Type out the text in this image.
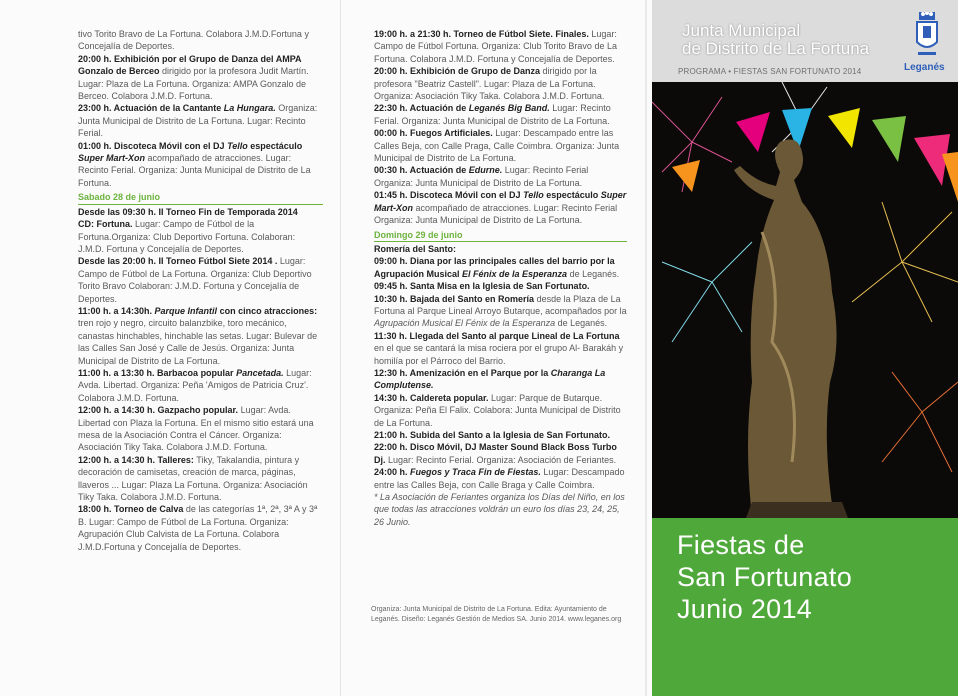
tivo Torito Bravo de La Fortuna. Colabora J.M.D.Fortuna y Concejalía de Deportes.
20:00 h. Exhibición por el Grupo de Danza del AMPA Gonzalo de Berceo dirigido por la profesora Judit Martín. Lugar: Plaza de La Fortuna. Organiza: AMPA Gonzalo de Berceo. Colabora J.M.D. Fortuna.
23:00 h. Actuación de la Cantante La Hungara. Organiza: Junta Municipal de Distrito de La Fortuna. Lugar: Recinto Ferial.
01:00 h. Discoteca Móvil con el DJ Tello espectáculo Super Mart-Xon acompañado de atracciones. Lugar: Recinto Ferial. Organiza: Junta Municipal de Distrito de La Fortuna.
Sabado 28 de junio
Desde las 09:30 h. II Torneo Fin de Temporada 2014
CD: Fortuna. Lugar: Campo de Fútbol de la Fortuna.Organiza: Club Deportivo Fortuna. Colaboran: J.M.D. Fortuna y Concejalía de Deportes.
Desde las 20:00 h. II Torneo Fútbol Siete 2014 . Lugar: Campo de Fútbol de La Fortuna. Organiza: Club Deportivo Torito Bravo Colaboran: J.M.D. Fortuna y Concejalía de Deportes.
11:00 h. a 14:30h. Parque Infantil con cinco atracciones: tren rojo y negro, circuito balanzbike, toro mecánico, canastas hinchables, hinchable las setas. Lugar: Bulevar de las Calles San José y Calle de Jesús. Organiza: Junta Municipal de Distrito de La Fortuna.
11:00 h. a 13:30 h. Barbacoa popular Pancetada. Lugar: Avda. Libertad. Organiza: Peña 'Amigos de Patricia Cruz'. Colabora J.M.D. Fortuna.
12:00 h. a 14:30 h. Gazpacho popular. Lugar: Avda. Libertad con Plaza la Fortuna. En el mismo sitio estará una mesa de la Asociación Contra el Cáncer. Organiza: Asociación Tiky Taka. Colabora J.M.D. Fortuna.
12:00 h. a 14:30 h. Talleres: Tiky, Takalandia, pintura y decoración de camisetas, creación de marca, páginas, llaveros ... Lugar: Plaza La Fortuna. Organiza: Asociación Tiky Taka. Colabora J.M.D. Fortuna.
18:00 h. Torneo de Calva de las categorías 1ª, 2ª, 3ª A y 3ª B. Lugar: Campo de Fútbol de La Fortuna. Organiza: Agrupación Club Calvista de La Fortuna. Colabora J.M.D.Fortuna y Concejalía de Deportes.
19:00 h. a 21:30 h. Torneo de Fútbol Siete. Finales. Lugar: Campo de Fútbol Fortuna. Organiza: Club Torito Bravo de La Fortuna. Colabora J.M.D. Fortuna y Concejalía de Deportes.
20:00 h. Exhibición de Grupo de Danza dirigido por la profesora "Beatriz Castell". Lugar: Plaza de La Fortuna. Organiza: Asociación Tiky Taka. Colabora J.M.D. Fortuna.
22:30 h. Actuación de Leganés Big Band. Lugar: Recinto Ferial. Organiza: Junta Municipal de Distrito de La Fortuna.
00:00 h. Fuegos Artificiales. Lugar: Descampado entre las Calles Beja, con Calle Praga, Calle Coimbra. Organiza: Junta Municipal de Distrito de La Fortuna.
00:30 h. Actuación de Edurne. Lugar: Recinto Ferial Organiza: Junta Municipal de Distrito de La Fortuna.
01:45 h. Discoteca Móvil con el DJ Tello espectáculo Super Mart-Xon acompañado de atracciones. Lugar: Recinto Ferial Organiza: Junta Municipal de Distrito de La Fortuna.
Domingo 29 de junio
Romería del Santo:
09:00 h. Diana por las principales calles del barrio por la Agrupación Musical El Fénix de la Esperanza de Leganés.
09:45 h. Santa Misa en la Iglesia de San Fortunato.
10:30 h. Bajada del Santo en Romería desde la Plaza de La Fortuna al Parque Lineal Arroyo Butarque, acompañados por la Agrupación Musical El Fénix de la Esperanza de Leganés.
11:30 h. Llegada del Santo al parque Lineal de La Fortuna en el que se cantará la misa rociera por el grupo Al- Barakáh y homilía por el Párroco del Barrio.
12:30 h. Amenización en el Parque por la Charanga La Complutense.
14:30 h. Caldereta popular. Lugar: Parque de Butarque. Organiza: Peña El Falix. Colabora: Junta Municipal de Distrito de La Fortuna.
21:00 h. Subida del Santo a la Iglesia de San Fortunato.
22:00 h. Disco Móvil, DJ Master Sound Black Boss Turbo Dj. Lugar: Recinto Ferial. Organiza: Asociación de Feriantes.
24:00 h. Fuegos y Traca Fin de Fiestas. Lugar: Descampado entre las Calles Beja, con Calle Braga y Calle Coimbra.
* La Asociación de Feriantes organiza los Días del Niño, en los que todas las atracciones voldrán un euro los días 23, 24, 25, 26 Junio.
Organiza: Junta Municipal de Distrito de La Fortuna. Edita: Ayuntamiento de Leganés. Diseño: Leganés Gestión de Medios SA. Junio 2014. www.leganes.org
Junta Municipal
de Distrito de La Fortuna
PROGRAMA • FIESTAS SAN FORTUNATO 2014	Leganés
Fiestas de
San Fortunato
Junio 2014
